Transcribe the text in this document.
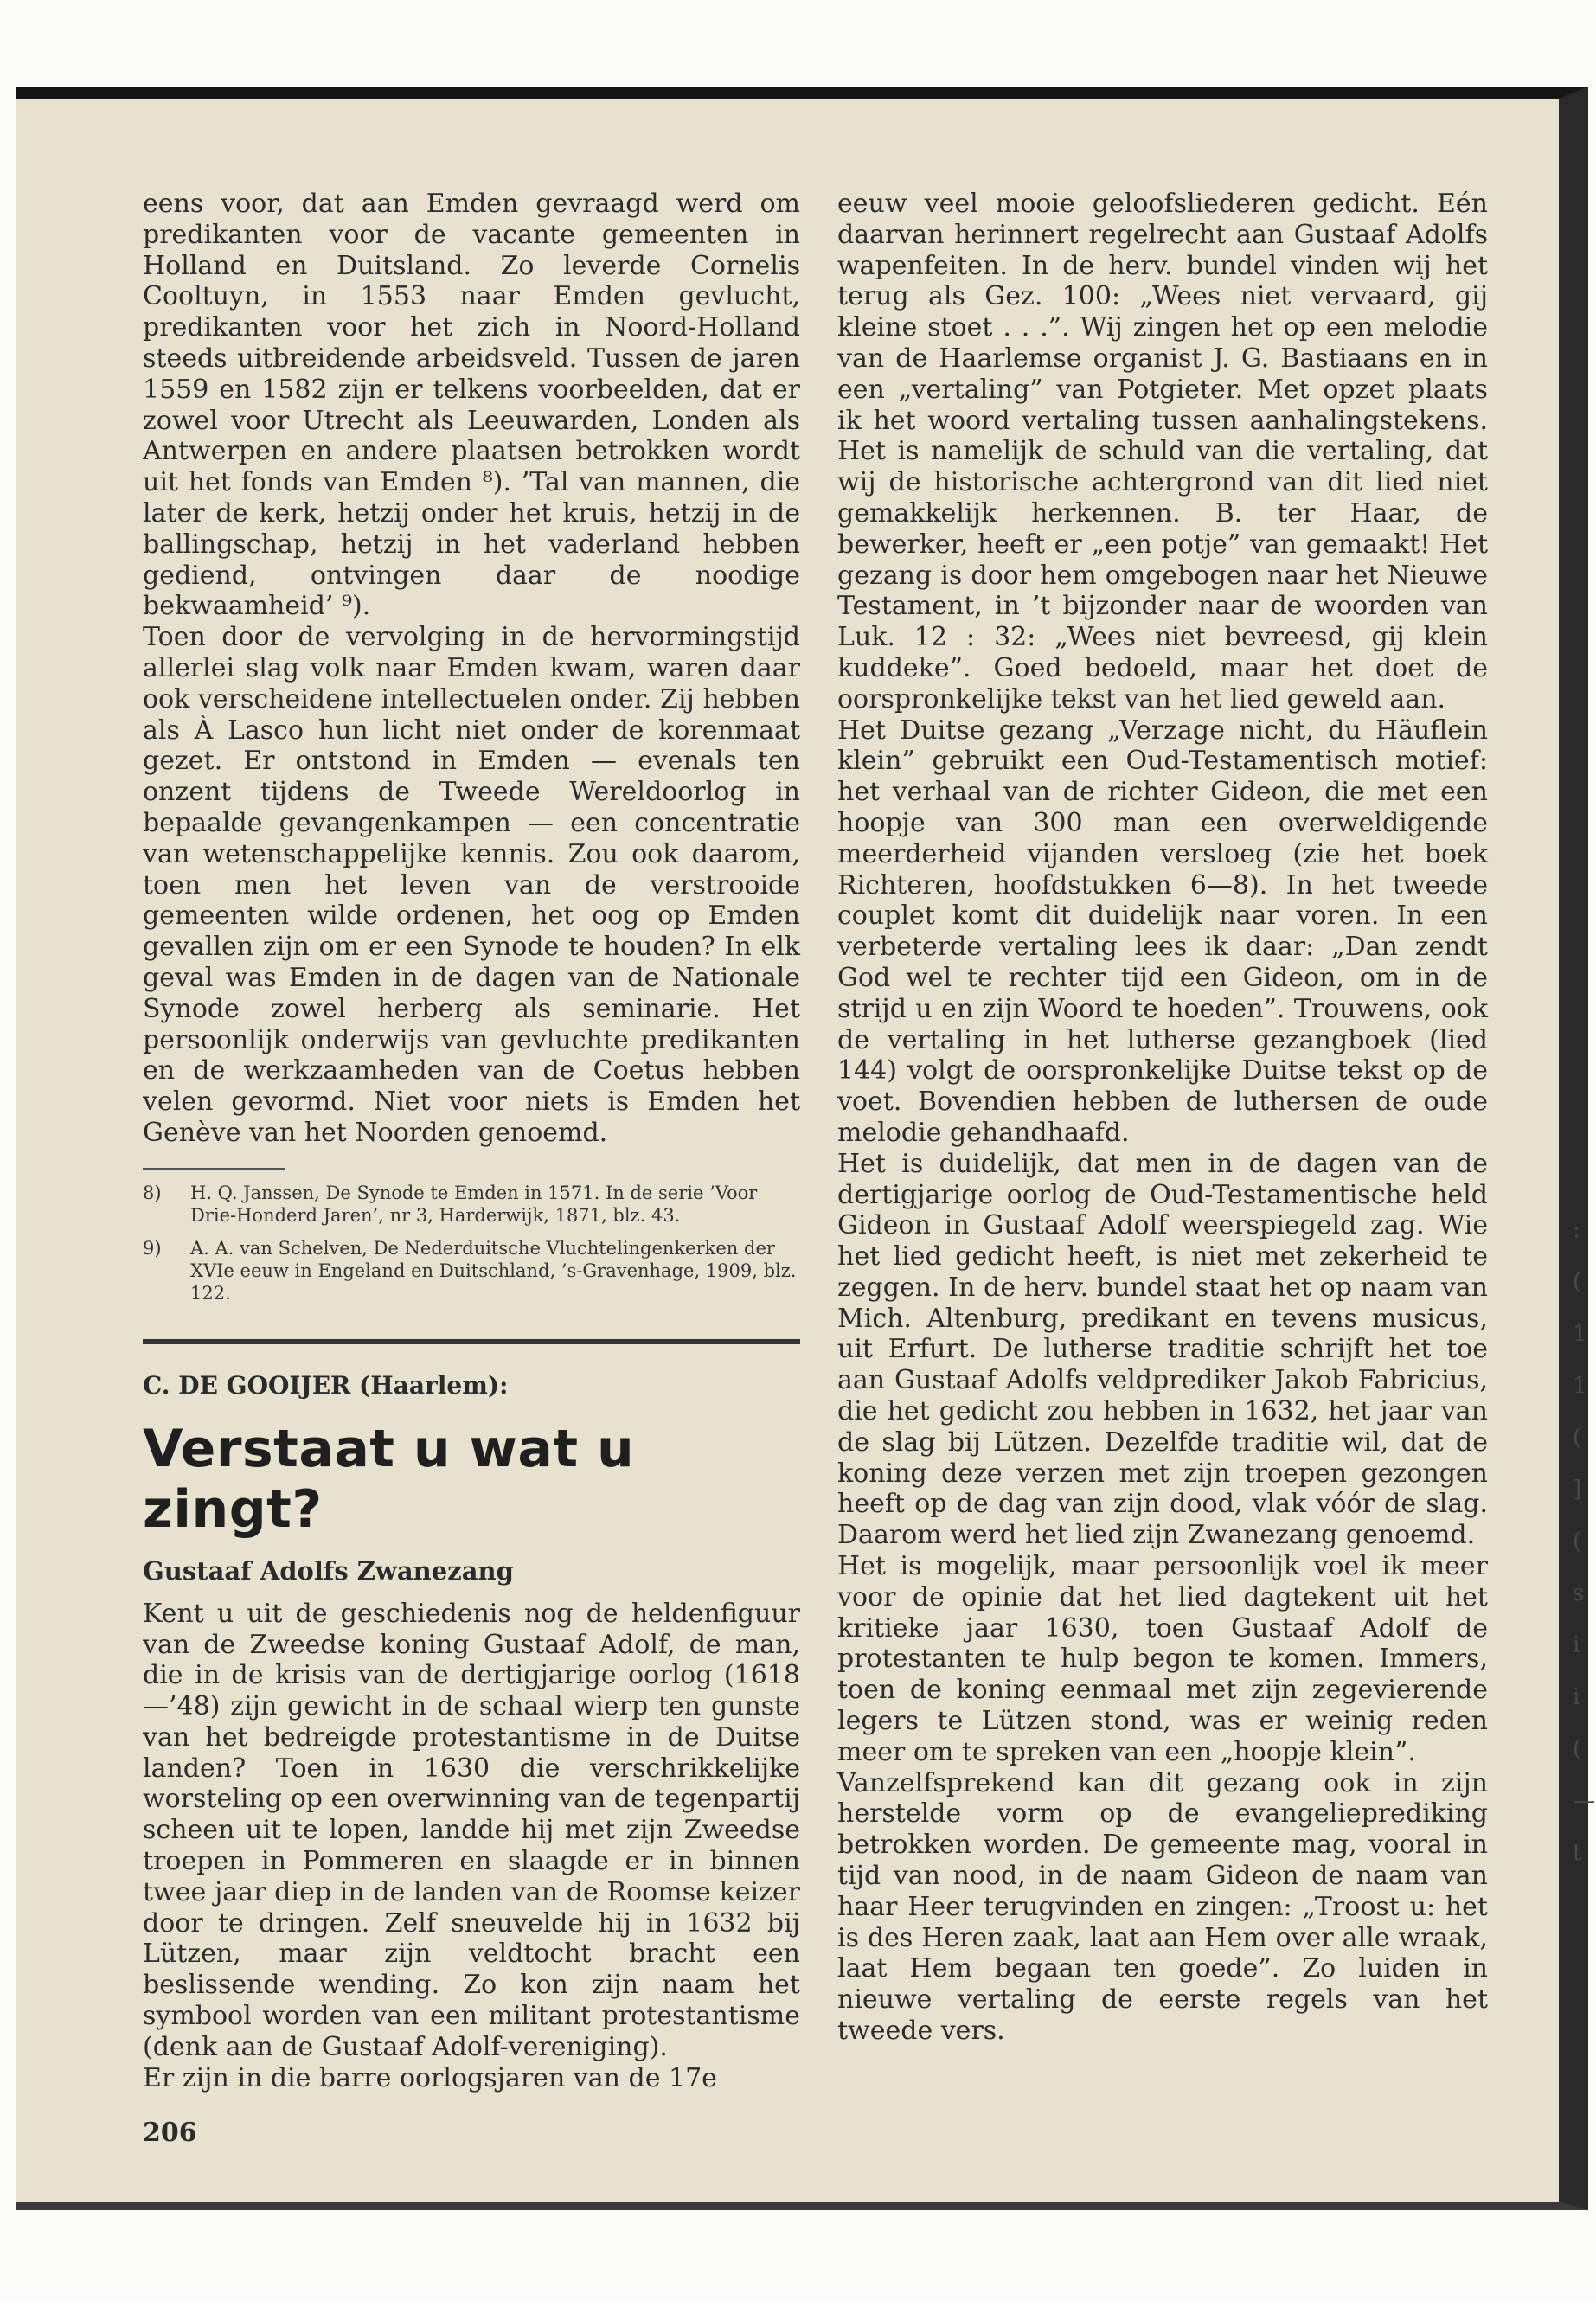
:
(
1
1
(
]
(
s
i
i
(
—
t

eens voor, dat aan Emden gevraagd werd om predikanten voor de vacante gemeenten in Holland en Duitsland. Zo leverde Cornelis Cooltuyn, in 1553 naar Emden gevlucht, predikanten voor het zich in Noord-Holland steeds uitbreidende arbeidsveld. Tussen de jaren 1559 en 1582 zijn er telkens voorbeelden, dat er zowel voor Utrecht als Leeuwarden, Londen als Antwerpen en andere plaatsen betrokken wordt uit het fonds van Emden ⁸). ’Tal van mannen, die later de kerk, hetzij onder het kruis, hetzij in de ballingschap, hetzij in het vaderland hebben gediend, ontvingen daar de noodige bekwaamheid’ ⁹).

Toen door de vervolging in de hervormingstijd allerlei slag volk naar Emden kwam, waren daar ook verscheidene intellectuelen onder. Zij hebben als À Lasco hun licht niet onder de korenmaat gezet. Er ontstond in Emden — evenals ten onzent tijdens de Tweede Wereldoorlog in bepaalde gevangenkampen — een concentratie van wetenschappelijke kennis. Zou ook daarom, toen men het leven van de verstrooide gemeenten wilde ordenen, het oog op Emden gevallen zijn om er een Synode te houden? In elk geval was Emden in de dagen van de Nationale Synode zowel herberg als seminarie. Het persoonlijk onderwijs van gevluchte predikanten en de werkzaamheden van de Coetus hebben velen gevormd. Niet voor niets is Emden het Genève van het Noorden genoemd.

8)	H. Q. Janssen, De Synode te Emden in 1571. In de serie ’Voor Drie-Honderd Jaren’, nr 3, Harderwijk, 1871, blz. 43.
9)	A. A. van Schelven, De Nederduitsche Vluchtelingenkerken der XVIe eeuw in Engeland en Duitschland, ’s-Gravenhage, 1909, blz. 122.

C. DE GOOIJER (Haarlem):

Verstaat u wat u zingt?
Gustaaf Adolfs Zwanezang

Kent u uit de geschiedenis nog de heldenfiguur van de Zweedse koning Gustaaf Adolf, de man, die in de krisis van de dertigjarige oorlog (1618—’48) zijn gewicht in de schaal wierp ten gunste van het bedreigde protestantisme in de Duitse landen? Toen in 1630 die verschrikkelijke worsteling op een overwinning van de tegenpartij scheen uit te lopen, landde hij met zijn Zweedse troepen in Pommeren en slaagde er in binnen twee jaar diep in de landen van de Roomse keizer door te dringen. Zelf sneuvelde hij in 1632 bij Lützen, maar zijn veldtocht bracht een beslissende wending. Zo kon zijn naam het symbool worden van een militant protestantisme (denk aan de Gustaaf Adolf-vereniging).

Er zijn in die barre oorlogsjaren van de 17e

eeuw veel mooie geloofsliederen gedicht. Eén daarvan herinnert regelrecht aan Gustaaf Adolfs wapenfeiten. In de herv. bundel vinden wij het terug als Gez. 100: „Wees niet vervaard, gij kleine stoet . . .”. Wij zingen het op een melodie van de Haarlemse organist J. G. Bastiaans en in een „vertaling” van Potgieter. Met opzet plaats ik het woord vertaling tussen aanhalingstekens. Het is namelijk de schuld van die vertaling, dat wij de historische achtergrond van dit lied niet gemakkelijk herkennen. B. ter Haar, de bewerker, heeft er „een potje” van gemaakt! Het gezang is door hem omgebogen naar het Nieuwe Testament, in ’t bijzonder naar de woorden van Luk. 12 : 32: „Wees niet bevreesd, gij klein kuddeke”. Goed bedoeld, maar het doet de oorspronkelijke tekst van het lied geweld aan.

Het Duitse gezang „Verzage nicht, du Häuflein klein” gebruikt een Oud-Testamentisch motief: het verhaal van de richter Gideon, die met een hoopje van 300 man een overweldigende meerderheid vijanden versloeg (zie het boek Richteren, hoofdstukken 6—8). In het tweede couplet komt dit duidelijk naar voren. In een verbeterde vertaling lees ik daar: „Dan zendt God wel te rechter tijd een Gideon, om in de strijd u en zijn Woord te hoeden”. Trouwens, ook de vertaling in het lutherse gezangboek (lied 144) volgt de oorspronkelijke Duitse tekst op de voet. Bovendien hebben de luthersen de oude melodie gehandhaafd.

Het is duidelijk, dat men in de dagen van de dertigjarige oorlog de Oud-Testamentische held Gideon in Gustaaf Adolf weerspiegeld zag. Wie het lied gedicht heeft, is niet met zekerheid te zeggen. In de herv. bundel staat het op naam van Mich. Altenburg, predikant en tevens musicus, uit Erfurt. De lutherse traditie schrijft het toe aan Gustaaf Adolfs veldprediker Jakob Fabricius, die het gedicht zou hebben in 1632, het jaar van de slag bij Lützen. Dezelfde traditie wil, dat de koning deze verzen met zijn troepen gezongen heeft op de dag van zijn dood, vlak vóór de slag. Daarom werd het lied zijn Zwanezang genoemd.

Het is mogelijk, maar persoonlijk voel ik meer voor de opinie dat het lied dagtekent uit het kritieke jaar 1630, toen Gustaaf Adolf de protestanten te hulp begon te komen. Immers, toen de koning eenmaal met zijn zegevierende legers te Lützen stond, was er weinig reden meer om te spreken van een „hoopje klein”.

Vanzelfsprekend kan dit gezang ook in zijn herstelde vorm op de evangelieprediking betrokken worden. De gemeente mag, vooral in tijd van nood, in de naam Gideon de naam van haar Heer terugvinden en zingen: „Troost u: het is des Heren zaak, laat aan Hem over alle wraak, laat Hem begaan ten goede”. Zo luiden in nieuwe vertaling de eerste regels van het tweede vers.

206
